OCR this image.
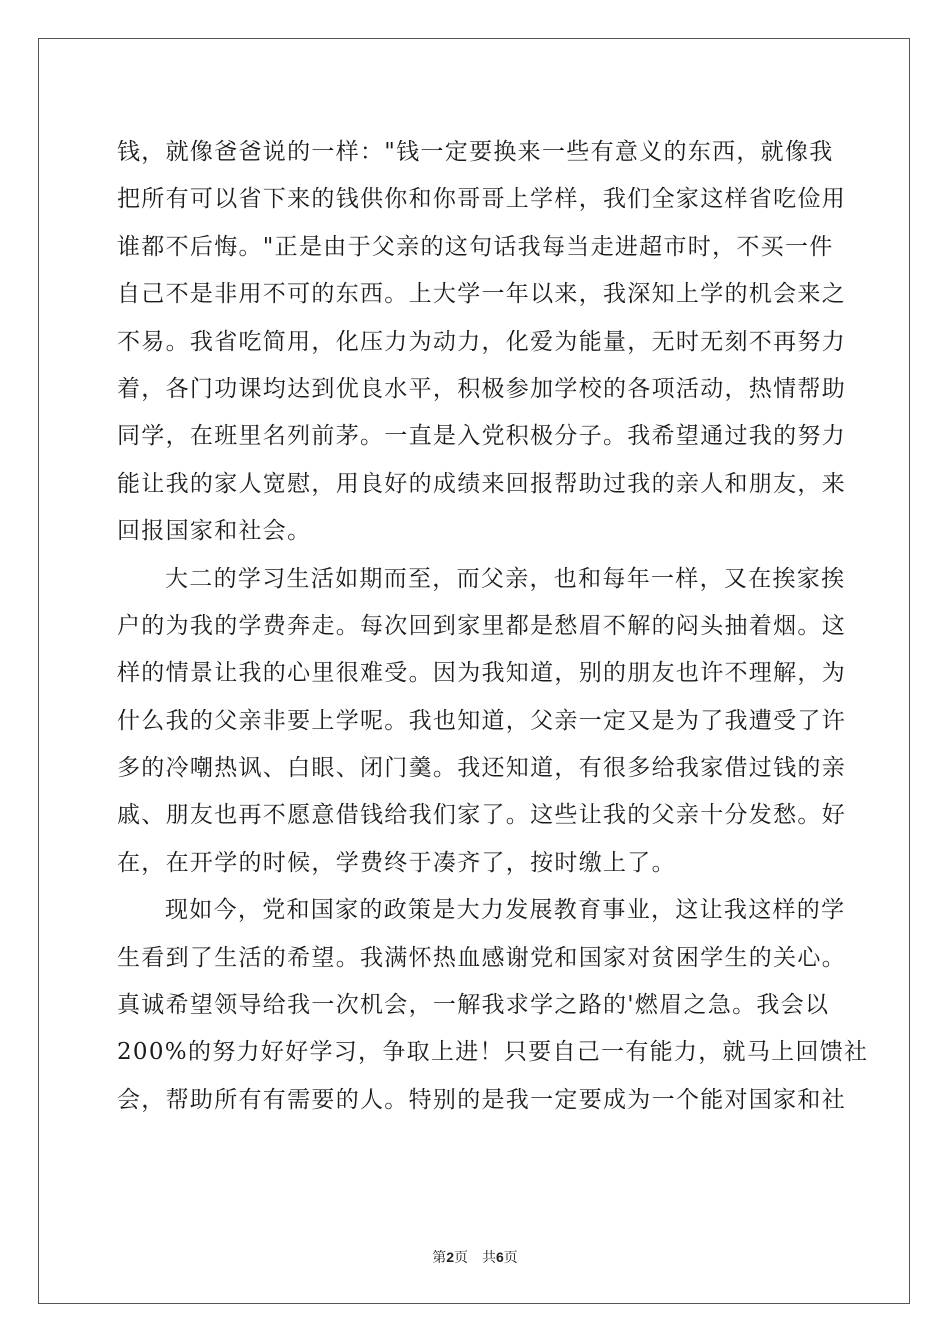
钱，就像爸爸说的一样："钱一定要换来一些有意义的东西，就像我
把所有可以省下来的钱供你和你哥哥上学样，我们全家这样省吃俭用
谁都不后悔。"正是由于父亲的这句话我每当走进超市时，不买一件
自己不是非用不可的东西。上大学一年以来，我深知上学的机会来之
不易。我省吃简用，化压力为动力，化爱为能量，无时无刻不再努力
着，各门功课均达到优良水平，积极参加学校的各项活动，热情帮助
同学，在班里名列前茅。一直是入党积极分子。我希望通过我的努力
能让我的家人宽慰，用良好的成绩来回报帮助过我的亲人和朋友，来
回报国家和社会。
大二的学习生活如期而至，而父亲，也和每年一样，又在挨家挨
户的为我的学费奔走。每次回到家里都是愁眉不解的闷头抽着烟。这
样的情景让我的心里很难受。因为我知道，别的朋友也许不理解，为
什么我的父亲非要上学呢。我也知道，父亲一定又是为了我遭受了许
多的冷嘲热讽、白眼、闭门羹。我还知道，有很多给我家借过钱的亲
戚、朋友也再不愿意借钱给我们家了。这些让我的父亲十分发愁。好
在，在开学的时候，学费终于凑齐了，按时缴上了。
现如今，党和国家的政策是大力发展教育事业，这让我这样的学
生看到了生活的希望。我满怀热血感谢党和国家对贫困学生的关心。
真诚希望领导给我一次机会，一解我求学之路的'燃眉之急。我会以
200%的努力好好学习，争取上进！只要自己一有能力，就马上回馈社
会，帮助所有有需要的人。特别的是我一定要成为一个能对国家和社
第2页 共6页
